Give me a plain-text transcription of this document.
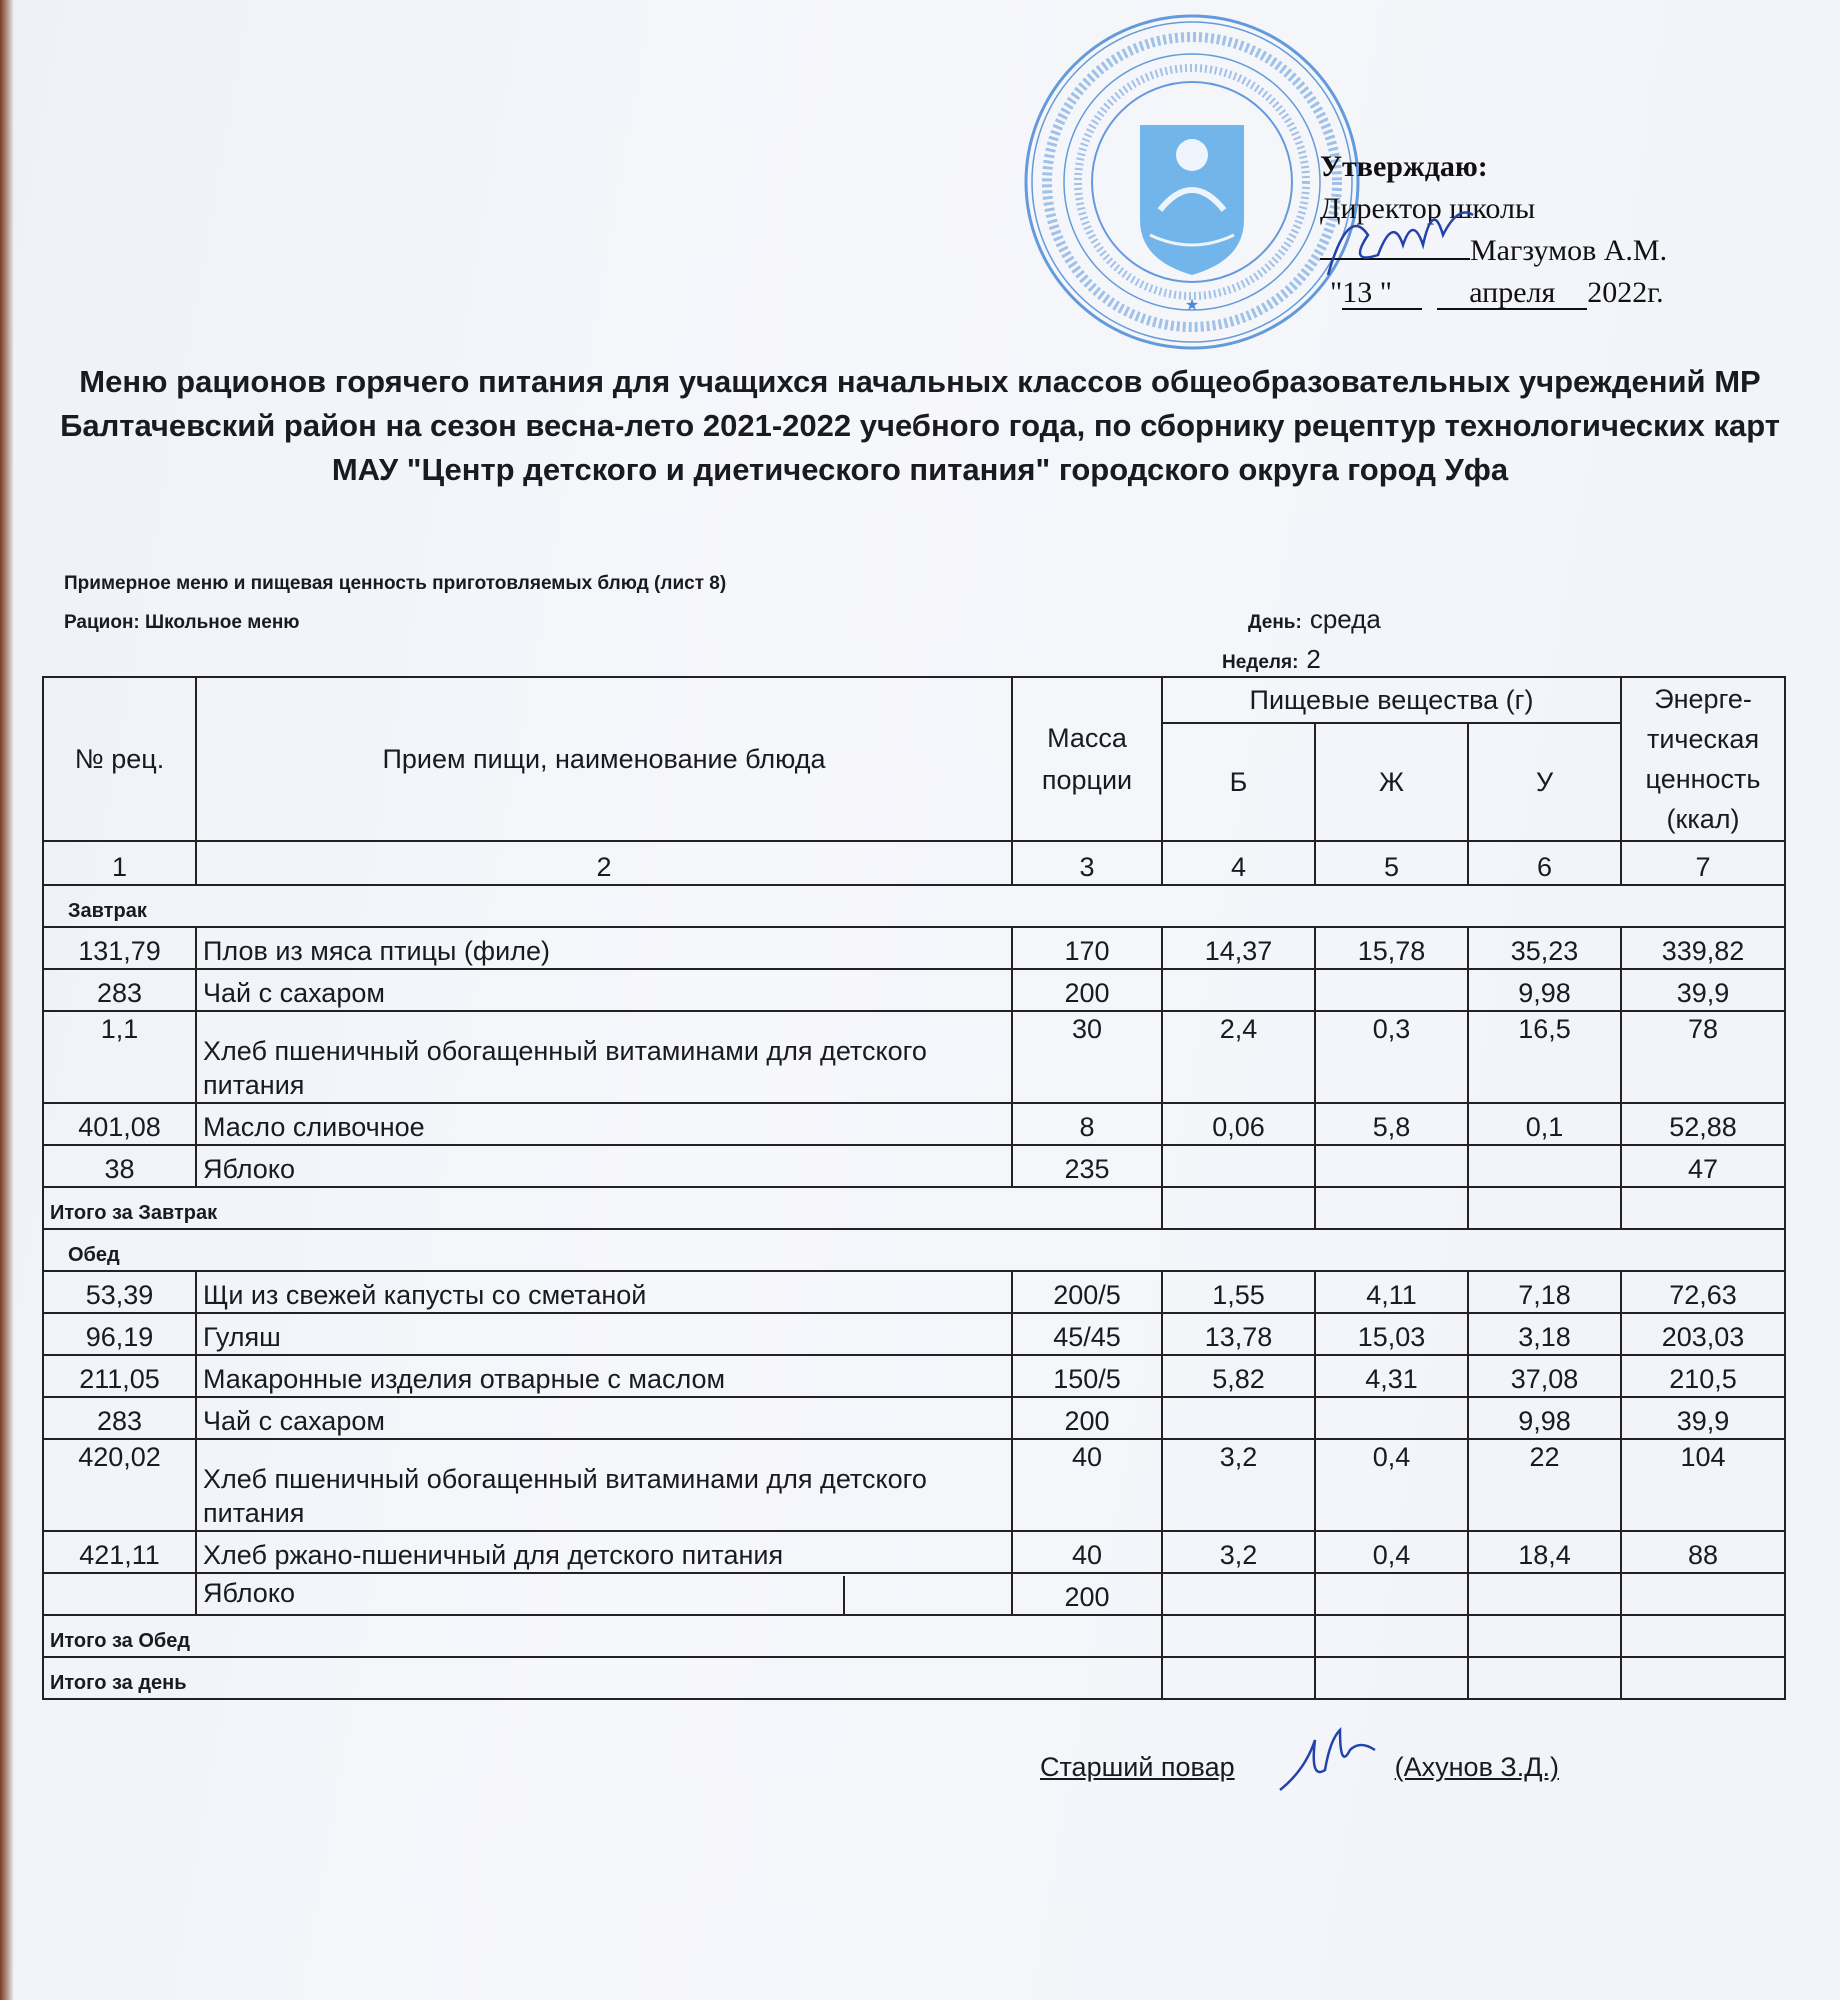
★
Утверждаю:
Директор школы
Магзумов А.М.
"13 "	апреля 2022г.
Меню рационов горячего питания для учащихся начальных классов общеобразовательных учреждений МР Балтачевский район на сезон весна-лето 2021-2022 учебного года, по сборнику рецептур технологических карт МАУ "Центр детского и диетического питания" городского округа город Уфа
Примерное меню и пищевая ценность приготовляемых блюд (лист 8)
Рацион: Школьное меню	День: среда
Неделя: 2
№ рец.	Прием пищи, наименование блюда	Масса порции	Пищевые вещества (г)			Энерге-тическая ценность (ккал)
			Б	Ж	У	
1	2	3	4	5	6	7
Завтрак						
131,79	Плов из мяса птицы (филе)	170	14,37	15,78	35,23	339,82
283	Чай с сахаром	200			9,98	39,9
1,1	Хлеб пшеничный обогащенный витаминами для детского питания	30	2,4	0,3	16,5	78
401,08	Масло сливочное	8	0,06	5,8	0,1	52,88
38	Яблоко	235				47
Итого за Завтрак						
Обед						
53,39	Щи из свежей капусты со сметаной	200/5	1,55	4,11	7,18	72,63
96,19	Гуляш	45/45	13,78	15,03	3,18	203,03
211,05	Макаронные изделия отварные с маслом	150/5	5,82	4,31	37,08	210,5
283	Чай с сахаром	200			9,98	39,9
420,02	Хлеб пшеничный обогащенный витаминами для детского питания	40	3,2	0,4	22	104
421,11	Хлеб ржано-пшеничный для детского питания	40	3,2	0,4	18,4	88
	Яблоко	200				
Итого за Обед						
Итого за день						
Старший повар	(Ахунов З.Д.)
